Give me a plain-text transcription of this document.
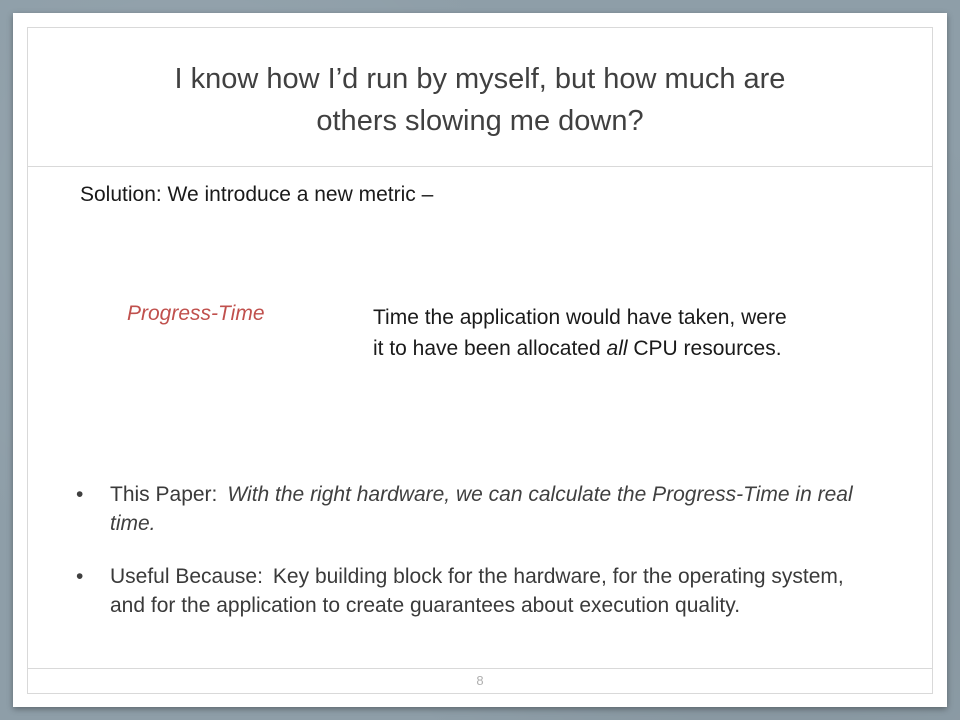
I know how I’d run by myself, but how much are
others slowing me down?
Solution: We introduce a new metric –
Progress-Time	Time the application would have taken, were it to have been allocated all CPU resources.
• This Paper: With the right hardware, we can calculate the Progress-Time in real time.
• Useful Because: Key building block for the hardware, for the operating system, and for the application to create guarantees about execution quality.
8
